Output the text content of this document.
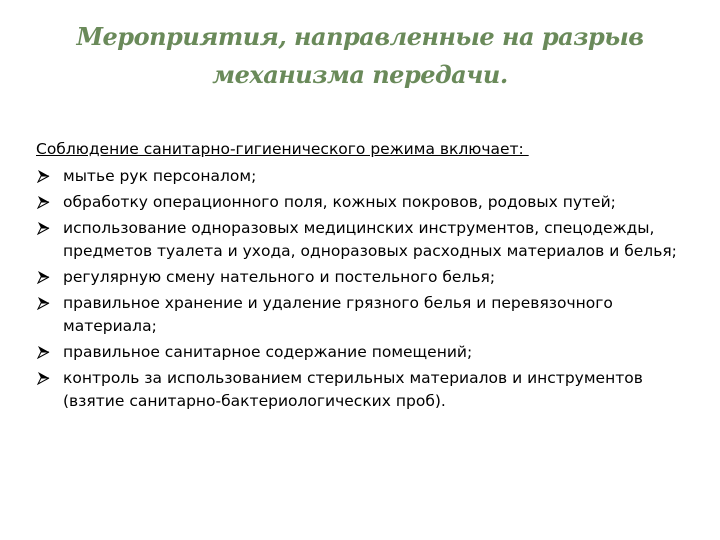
Мероприятия, направленные на разрыв
механизма передачи.
Соблюдение санитарно-гигиенического режима включает:
мытье рук персоналом;
обработку операционного поля, кожных покровов, родовых путей;
использование одноразовых медицинских инструментов, спецодежды, предметов туалета и ухода, одноразовых расходных материалов и белья;
регулярную смену нательного и постельного белья;
правильное хранение и удаление грязного белья и перевязочного материала;
правильное санитарное содержание помещений;
контроль за использованием стерильных материалов и инструментов (взятие санитарно-бактериологических проб).
